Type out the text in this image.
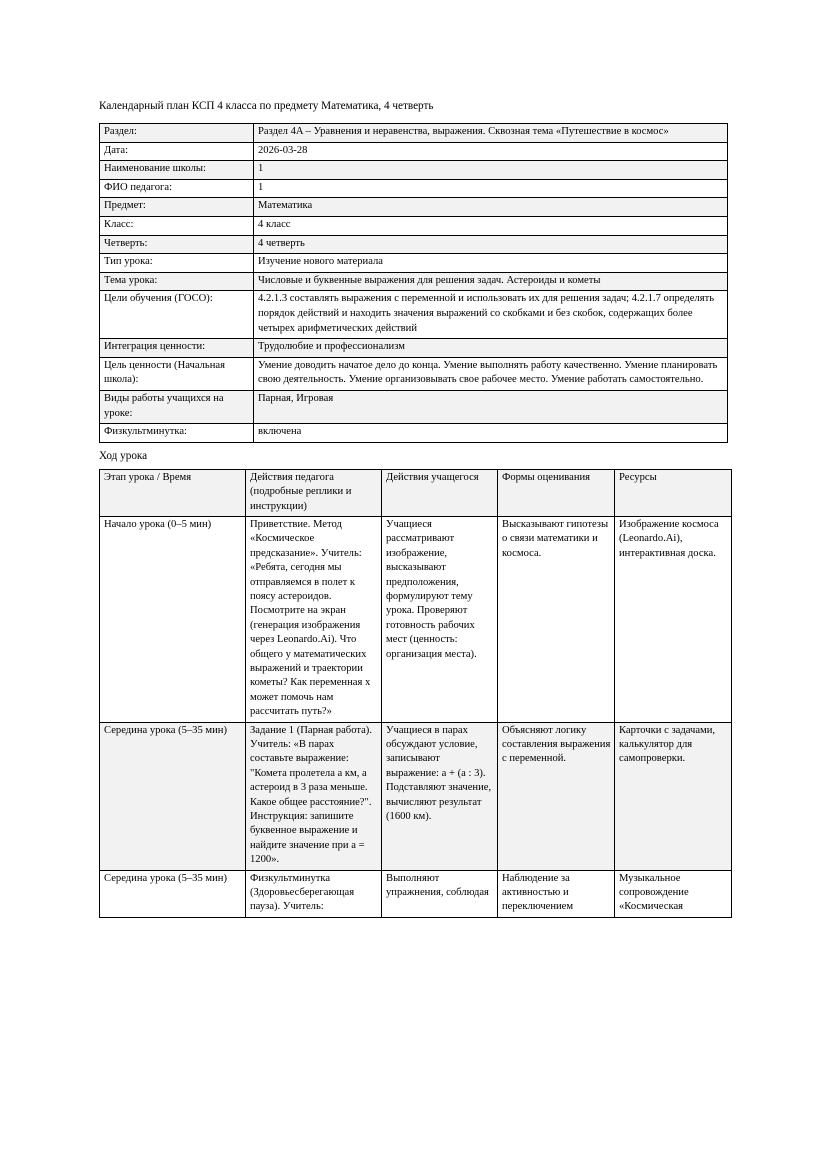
Календарный план КСП 4 класса по предмету Математика, 4 четверть

Раздел:	Раздел 4A – Уравнения и неравенства, выражения. Сквозная тема «Путешествие в космос»
Дата:	2026-03-28
Наименование школы:	1
ФИО педагога:	1
Предмет:	Математика
Класс:	4 класс
Четверть:	4 четверть
Тип урока:	Изучение нового материала
Тема урока:	Числовые и буквенные выражения для решения задач. Астероиды и кометы
Цели обучения (ГОСО):	4.2.1.3 составлять выражения с переменной и использовать их для решения задач; 4.2.1.7 определять порядок действий и находить значения выражений со скобками и без скобок, содержащих более четырех арифметических действий
Интеграция ценности:	Трудолюбие и профессионализм
Цель ценности (Начальная школа):	Умение доводить начатое дело до конца. Умение выполнять работу качественно. Умение планировать свою деятельность. Умение организовывать свое рабочее место. Умение работать самостоятельно.
Виды работы учащихся на уроке:	Парная, Игровая
Физкультминутка:	включена

Ход урока

Этап урока / Время	Действия педагога (подробные реплики и инструкции)	Действия учащегося	Формы оценивания	Ресурсы
Начало урока (0–5 мин)	Приветствие. Метод «Космическое предсказание». Учитель: «Ребята, сегодня мы отправляемся в полет к поясу астероидов. Посмотрите на экран (генерация изображения через Leonardo.Ai). Что общего у математических выражений и траектории кометы? Как переменная x может помочь нам рассчитать путь?»	Учащиеся рассматривают изображение, высказывают предположения, формулируют тему урока. Проверяют готовность рабочих мест (ценность: организация места).	Высказывают гипотезы о связи математики и космоса.	Изображение космоса (Leonardo.Ai), интерактивная доска.
Середина урока (5–35 мин)	Задание 1 (Парная работа). Учитель: «В парах составьте выражение: "Комета пролетела a км, а астероид в 3 раза меньше. Какое общее расстояние?". Инструкция: запишите буквенное выражение и найдите значение при a = 1200».	Учащиеся в парах обсуждают условие, записывают выражение: a + (a : 3). Подставляют значение, вычисляют результат (1600 км).	Объясняют логику составления выражения с переменной.	Карточки с задачами, калькулятор для самопроверки.
Середина урока (5–35 мин)	Физкультминутка (Здоровьесберегающая пауза). Учитель:	Выполняют упражнения, соблюдая	Наблюдение за активностью и переключением	Музыкальное сопровождение «Космическая
